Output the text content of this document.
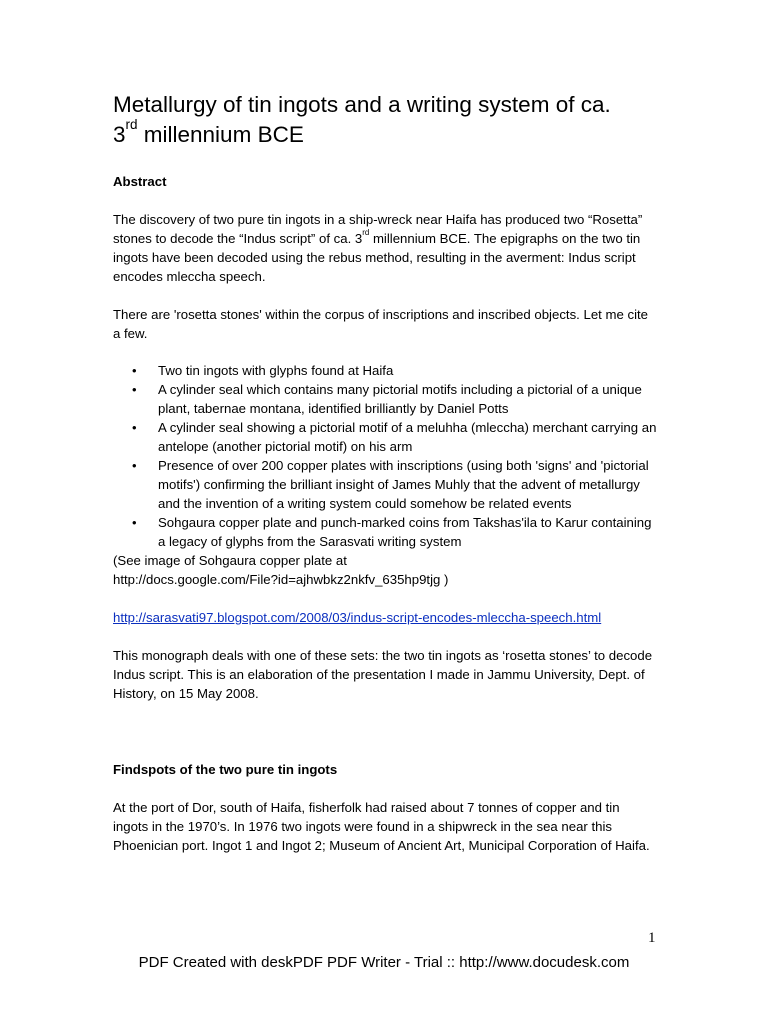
Metallurgy of tin ingots and a writing system of ca.
3rd millennium BCE

Abstract

The discovery of two pure tin ingots in a ship-wreck near Haifa has produced two “Rosetta” stones to decode the “Indus script” of ca. 3rd millennium BCE. The epigraphs on the two tin ingots have been decoded using the rebus method, resulting in the averment: Indus script encodes mleccha speech.

There are 'rosetta stones' within the corpus of inscriptions and inscribed objects. Let me cite a few.

• Two tin ingots with glyphs found at Haifa
• A cylinder seal which contains many pictorial motifs including a pictorial of a unique plant, tabernae montana, identified brilliantly by Daniel Potts
• A cylinder seal showing a pictorial motif of a meluhha (mleccha) merchant carrying an antelope (another pictorial motif) on his arm
• Presence of over 200 copper plates with inscriptions (using both 'signs' and 'pictorial motifs') confirming the brilliant insight of James Muhly that the advent of metallurgy and the invention of a writing system could somehow be related events
• Sohgaura copper plate and punch-marked coins from Takshas'ila to Karur containing a legacy of glyphs from the Sarasvati writing system

(See image of Sohgaura copper plate at
http://docs.google.com/File?id=ajhwbkz2nkfv_635hp9tjg )

http://sarasvati97.blogspot.com/2008/03/indus-script-encodes-mleccha-speech.html

This monograph deals with one of these sets: the two tin ingots as ‘rosetta stones’ to decode Indus script. This is an elaboration of the presentation I made in Jammu University, Dept. of History, on 15 May 2008.

Findspots of the two pure tin ingots

At the port of Dor, south of Haifa, fisherfolk had raised about 7 tonnes of copper and tin ingots in the 1970’s. In 1976 two ingots were found in a shipwreck in the sea near this Phoenician port. Ingot 1 and Ingot 2; Museum of Ancient Art, Municipal Corporation of Haifa.

1
PDF Created with deskPDF PDF Writer - Trial :: http://www.docudesk.com
